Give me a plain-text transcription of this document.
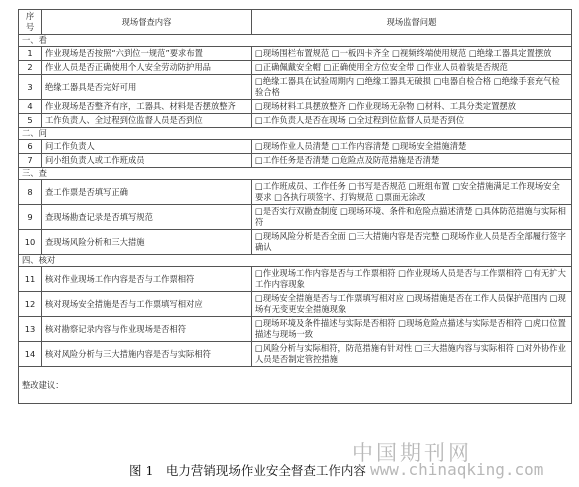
序号	现场督查内容	现场监督问题
一、看		
1	作业现场是否按照“六到位一规范”要求布置	□现场围栏布置规范 □一板四卡齐全 □视频终端使用规范 □绝缘工器具定置摆放
2	作业人员是否正确使用个人安全劳动防护用品	□正确佩戴安全帽 □正确使用全方位安全带 □作业人员着装是否规范
3	绝缘工器具是否完好可用	□绝缘工器具在试验周期内 □绝缘工器具无破损 □电器自检合格 □绝缘手套充气检验合格
4	作业现场是否整齐有序，工器具、材料是否摆放整齐	□现场材料工具摆放整齐 □作业现场无杂物 □材料、工具分类定置摆放
5	工作负责人、全过程到位监督人员是否到位	□工作负责人是否在现场 □全过程到位监督人员是否到位
二、问		
6	问工作负责人	□现场作业人员清楚 □工作内容清楚 □现场安全措施清楚
7	问小组负责人或工作班成员	□工作任务是否清楚 □危险点及防范措施是否清楚
三、查		
8	查工作票是否填写正确	□工作班成员、工作任务 □书写是否规范 □班组布置 □安全措施满足工作现场安全要求 □各执行项签字、打钩规范 □票面无涂改
9	查现场勘查记录是否填写规范	□是否实行双勘查制度 □现场环境、条件和危险点描述清楚 □具体防范措施与实际相符
10	查现场风险分析和三大措施	□现场风险分析是否全面 □三大措施内容是否完整 □现场作业人员是否全部履行签字确认
四、核对		
11	核对作业现场工作内容是否与工作票相符	□作业现场工作内容是否与工作票相符 □作业现场人员是否与工作票相符 □有无扩大工作内容现象
12	核对现场安全措施是否与工作票填写相对应	□现场安全措施是否与工作票填写相对应 □现场措施是否在工作人员保护范围内 □现场有无变更安全措施现象
13	核对勘察记录内容与作业现场是否相符	□现场环境及条件描述与实际是否相符 □现场危险点描述与实际是否相符 □虎口位置描述与现场一致
14	核对风险分析与三大措施内容是否与实际相符	□风险分析与实际相符，防范措施有针对性 □三大措施内容与实际相符 □对外协作业人员是否制定管控措施
整改建议：		
中国期刊网
www.chinaqking.com
图 1　电力营销现场作业安全督查工作内容
